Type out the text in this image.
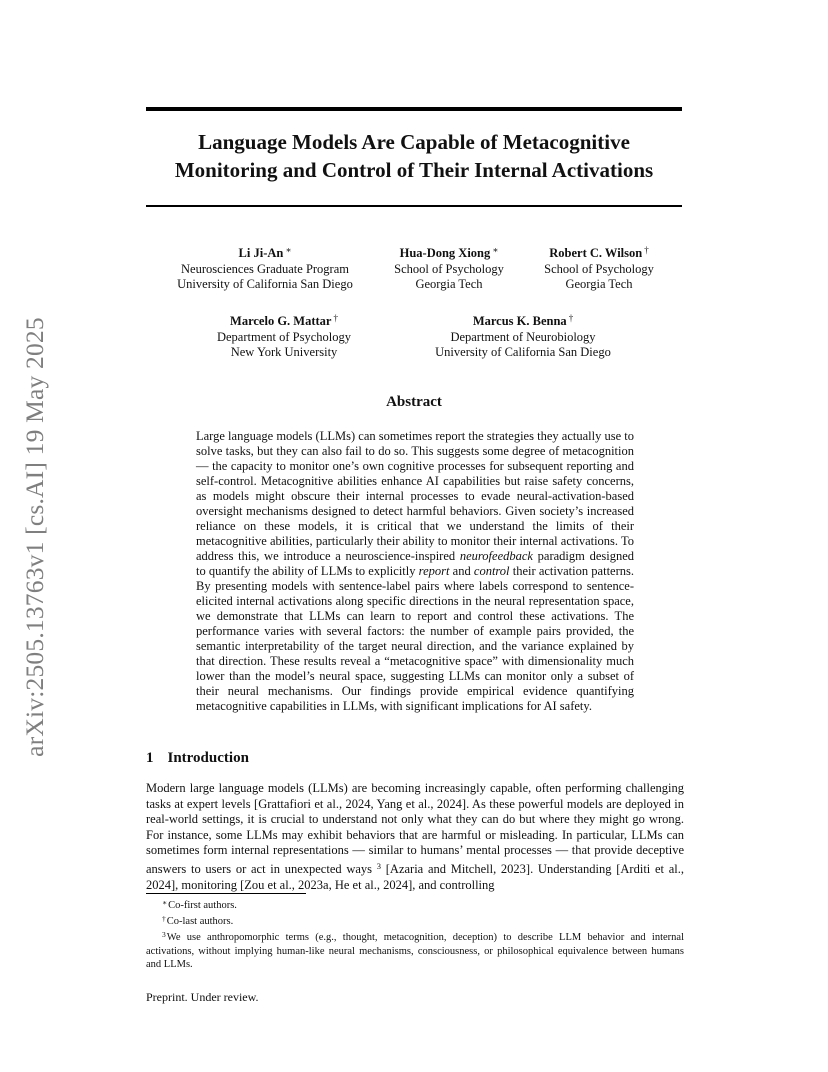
arXiv:2505.13763v1 [cs.AI] 19 May 2025
Language Models Are Capable of Metacognitive
Monitoring and Control of Their Internal Activations
Li Ji-An ∗
Neurosciences Graduate Program
University of California San Diego
Hua-Dong Xiong ∗
School of Psychology
Georgia Tech
Robert C. Wilson †
School of Psychology
Georgia Tech
Marcelo G. Mattar †
Department of Psychology
New York University
Marcus K. Benna †
Department of Neurobiology
University of California San Diego
Abstract

Large language models (LLMs) can sometimes report the strategies they actually use to solve tasks, but they can also fail to do so. This suggests some degree of metacognition — the capacity to monitor one’s own cognitive processes for subsequent reporting and self-control. Metacognitive abilities enhance AI capabilities but raise safety concerns, as models might obscure their internal processes to evade neural-activation-based oversight mechanisms designed to detect harmful behaviors. Given society’s increased reliance on these models, it is critical that we understand the limits of their metacognitive abilities, particularly their ability to monitor their internal activations. To address this, we introduce a neuroscience-inspired neurofeedback paradigm designed to quantify the ability of LLMs to explicitly report and control their activation patterns. By presenting models with sentence-label pairs where labels correspond to sentence-elicited internal activations along specific directions in the neural representation space, we demonstrate that LLMs can learn to report and control these activations. The performance varies with several factors: the number of example pairs provided, the semantic interpretability of the target neural direction, and the variance explained by that direction. These results reveal a “metacognitive space” with dimensionality much lower than the model’s neural space, suggesting LLMs can monitor only a subset of their neural mechanisms. Our findings provide empirical evidence quantifying metacognitive capabilities in LLMs, with significant implications for AI safety.

1 Introduction

Modern large language models (LLMs) are becoming increasingly capable, often performing challenging tasks at expert levels [Grattafiori et al., 2024, Yang et al., 2024]. As these powerful models are deployed in real-world settings, it is crucial to understand not only what they can do but where they might go wrong. For instance, some LLMs may exhibit behaviors that are harmful or misleading. In particular, LLMs can sometimes form internal representations — similar to humans’ mental processes — that provide deceptive answers to users or act in unexpected ways $^3$ [Azaria and Mitchell, 2023]. Understanding [Arditi et al., 2024], monitoring [Zou et al., 2023a, He et al., 2024], and controlling

∗Co-first authors.
†Co-last authors.
$^3$We use anthropomorphic terms (e.g., thought, metacognition, deception) to describe LLM behavior and internal activations, without implying human-like neural mechanisms, consciousness, or philosophical equivalence between humans and LLMs.
Preprint. Under review.
